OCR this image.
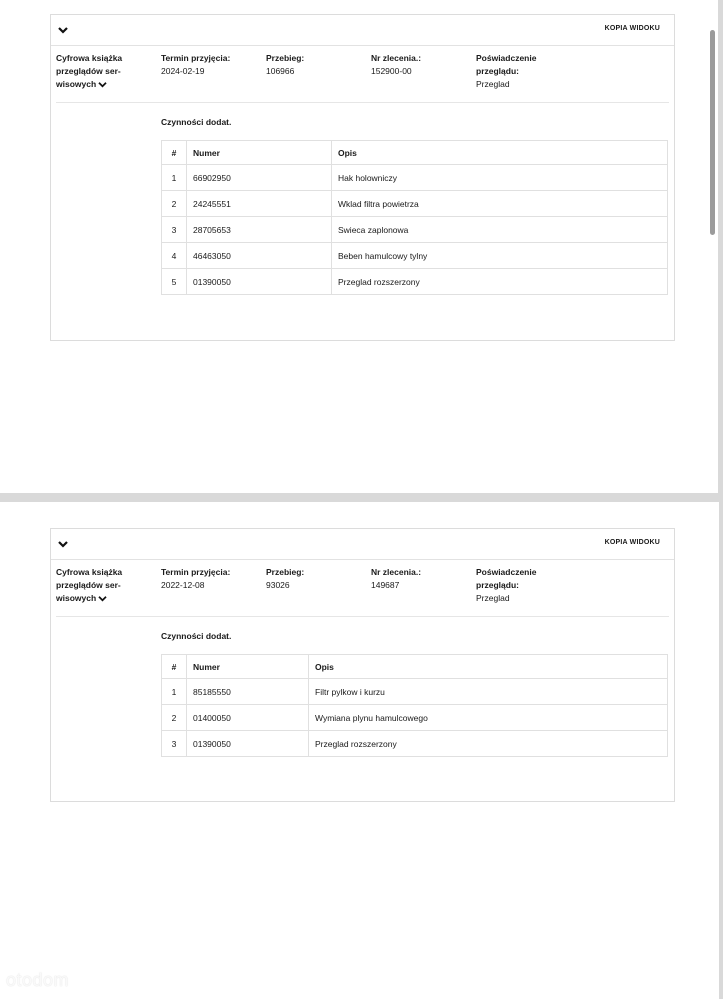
KOPIA WIDOKU
Cyfrowa książka
przeglądów ser-
wisowych
Termin przyjęcia:
2024-02-19
Przebieg:
106966
Nr zlecenia.:
152900-00
Poświadczenie
przeglądu:
Przeglad
Czynności dodat.
#	Numer	Opis
1	66902950	Hak holowniczy
2	24245551	Wklad filtra powietrza
3	28705653	Swieca zaplonowa
4	46463050	Beben hamulcowy tylny
5	01390050	Przeglad rozszerzony
KOPIA WIDOKU
Cyfrowa książka
przeglądów ser-
wisowych
Termin przyjęcia:
2022-12-08
Przebieg:
93026
Nr zlecenia.:
149687
Poświadczenie
przeglądu:
Przeglad
Czynności dodat.
#	Numer	Opis
1	85185550	Filtr pylkow i kurzu
2	01400050	Wymiana plynu hamulcowego
3	01390050	Przeglad rozszerzony
otodom
